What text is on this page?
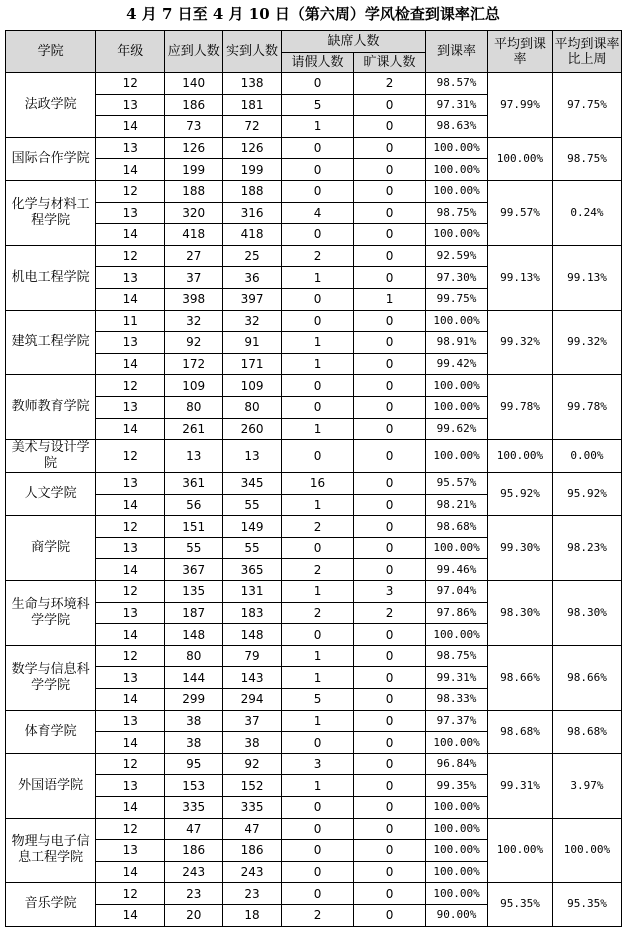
4 月 7 日至 4 月 10 日（第六周）学风检查到课率汇总
学院	年级	应到人数	实到人数	缺席人数		到课率	平均到课率	平均到课率比上周
				请假人数	旷课人数			
法政学院	12	140	138	0	2	98.57%	97.99%	97.75%
	13	186	181	5	0	97.31%		
	14	73	72	1	0	98.63%		
国际合作学院	13	126	126	0	0	100.00%	100.00%	98.75%
	14	199	199	0	0	100.00%		
化学与材料工程学院	12	188	188	0	0	100.00%	99.57%	0.24%
	13	320	316	4	0	98.75%		
	14	418	418	0	0	100.00%		
机电工程学院	12	27	25	2	0	92.59%	99.13%	99.13%
	13	37	36	1	0	97.30%		
	14	398	397	0	1	99.75%		
建筑工程学院	11	32	32	0	0	100.00%	99.32%	99.32%
	13	92	91	1	0	98.91%		
	14	172	171	1	0	99.42%		
教师教育学院	12	109	109	0	0	100.00%	99.78%	99.78%
	13	80	80	0	0	100.00%		
	14	261	260	1	0	99.62%		
美术与设计学院	12	13	13	0	0	100.00%	100.00%	0.00%
人文学院	13	361	345	16	0	95.57%	95.92%	95.92%
	14	56	55	1	0	98.21%		
商学院	12	151	149	2	0	98.68%	99.30%	98.23%
	13	55	55	0	0	100.00%		
	14	367	365	2	0	99.46%		
生命与环境科学学院	12	135	131	1	3	97.04%	98.30%	98.30%
	13	187	183	2	2	97.86%		
	14	148	148	0	0	100.00%		
数学与信息科学学院	12	80	79	1	0	98.75%	98.66%	98.66%
	13	144	143	1	0	99.31%		
	14	299	294	5	0	98.33%		
体育学院	13	38	37	1	0	97.37%	98.68%	98.68%
	14	38	38	0	0	100.00%		
外国语学院	12	95	92	3	0	96.84%	99.31%	3.97%
	13	153	152	1	0	99.35%		
	14	335	335	0	0	100.00%		
物理与电子信息工程学院	12	47	47	0	0	100.00%	100.00%	100.00%
	13	186	186	0	0	100.00%		
	14	243	243	0	0	100.00%		
音乐学院	12	23	23	0	0	100.00%	95.35%	95.35%
	14	20	18	2	0	90.00%		
